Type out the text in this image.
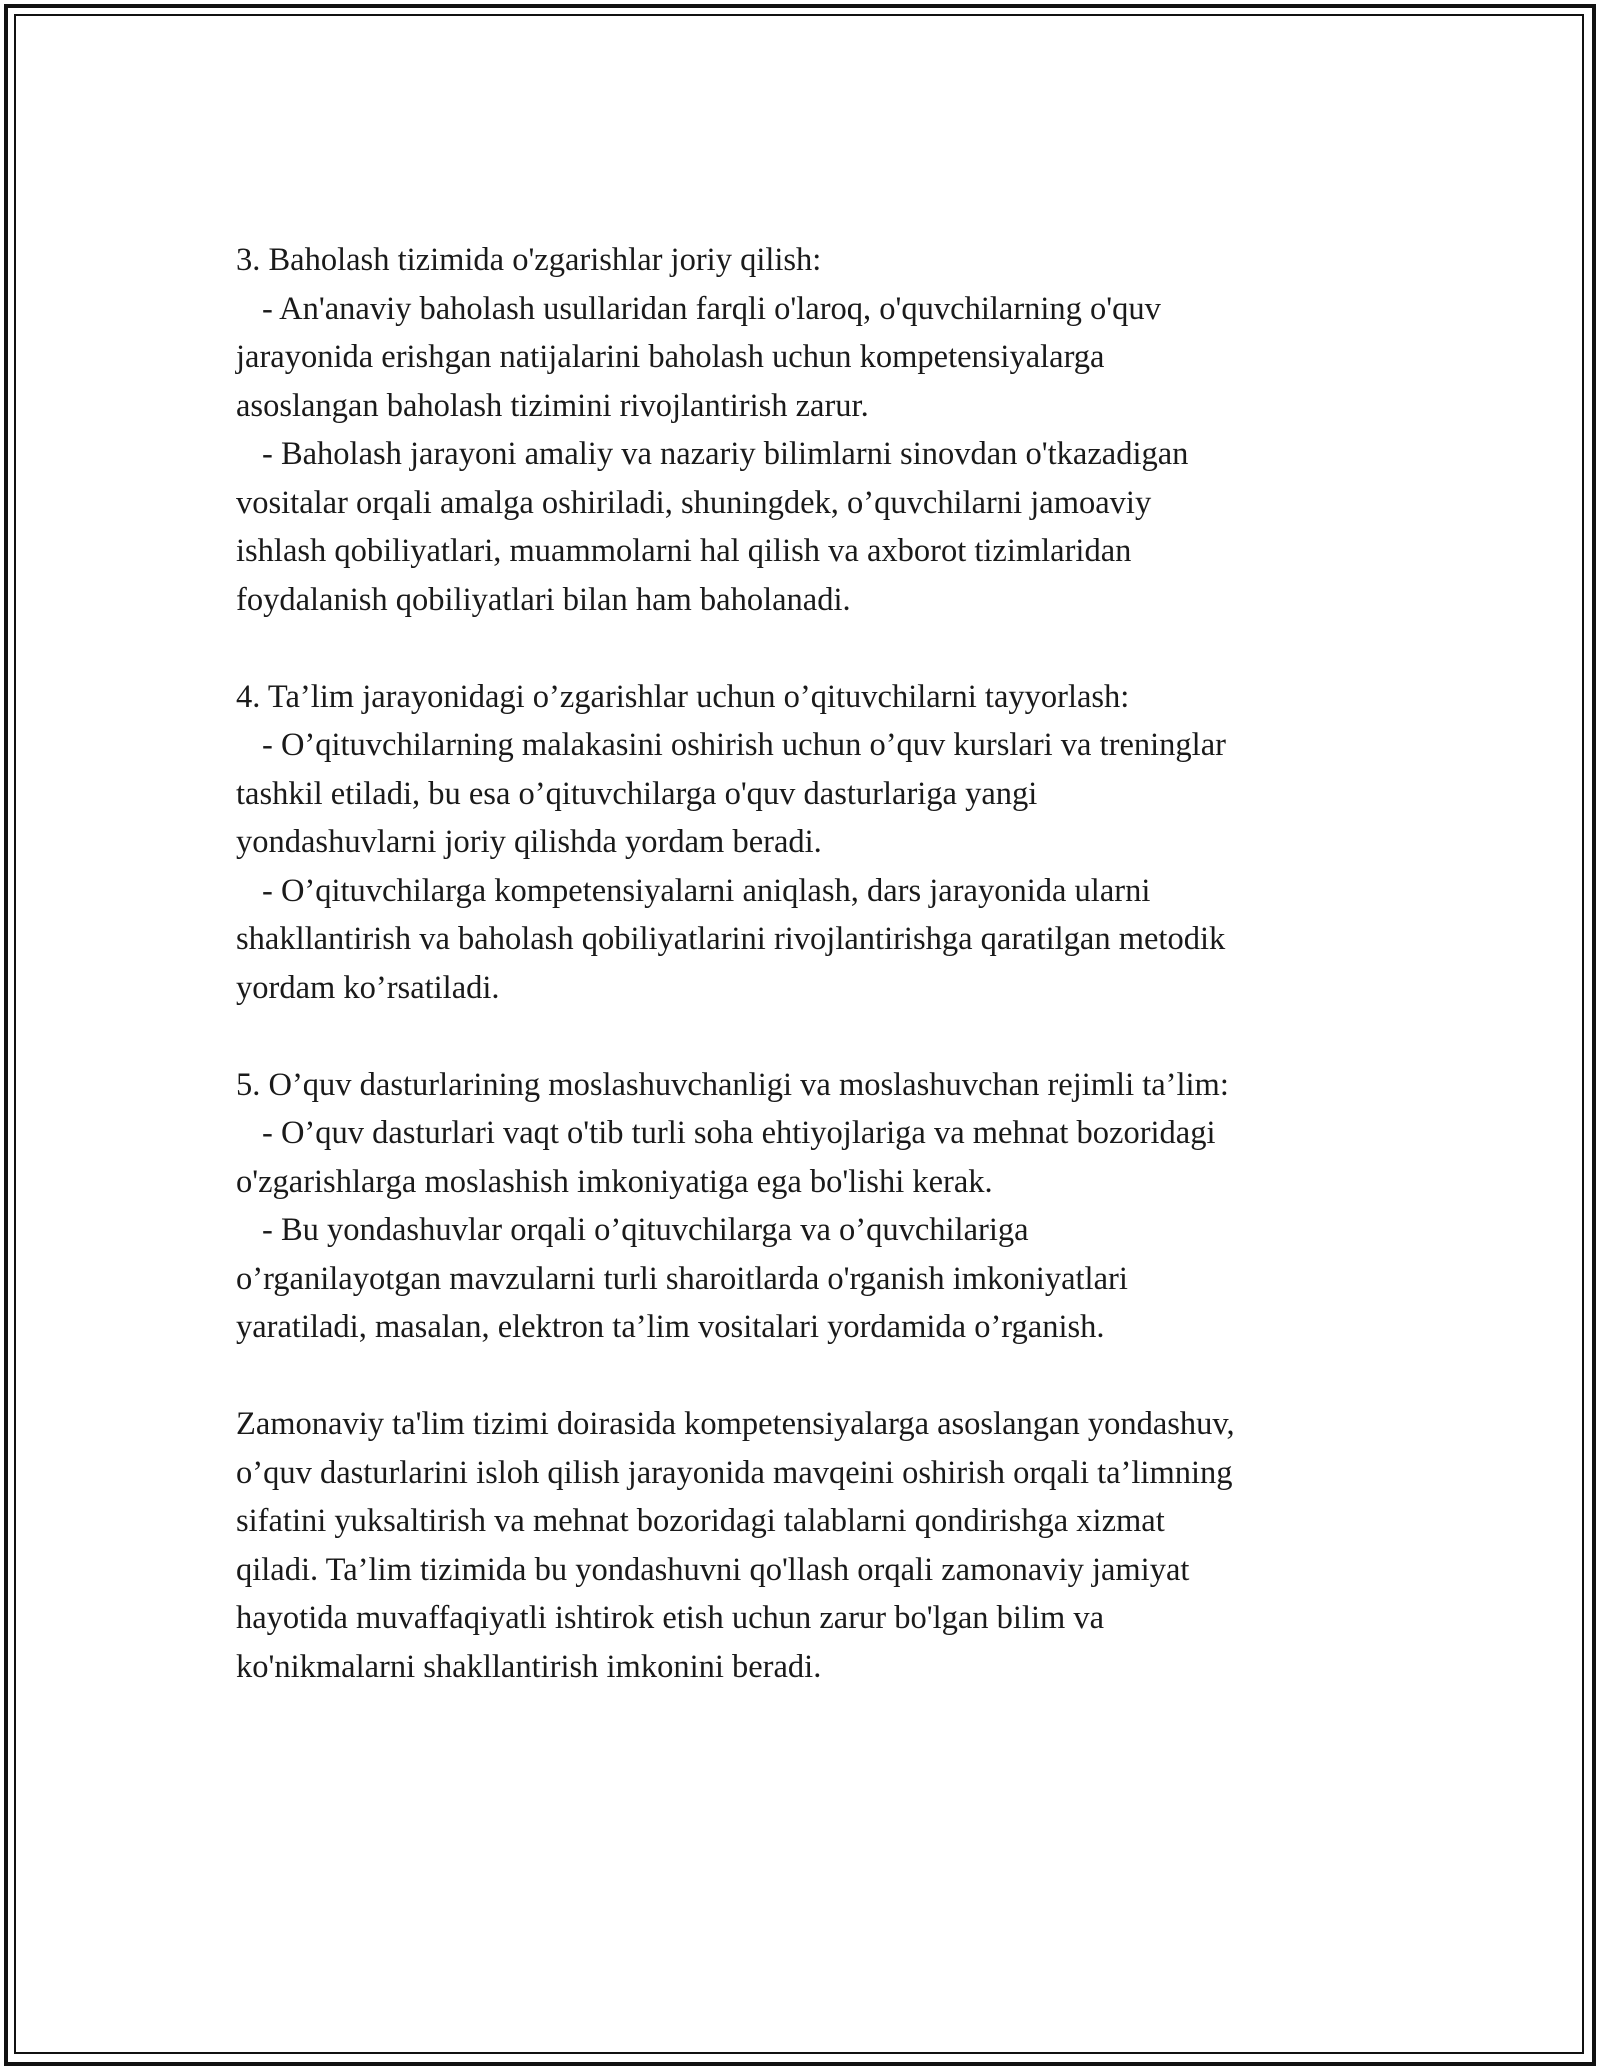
3. Baholash tizimida o'zgarishlar joriy qilish:
- An'anaviy baholash usullaridan farqli o'laroq, o'quvchilarning o'quv
jarayonida erishgan natijalarini baholash uchun kompetensiyalarga
asoslangan baholash tizimini rivojlantirish zarur.
- Baholash jarayoni amaliy va nazariy bilimlarni sinovdan o'tkazadigan
vositalar orqali amalga oshiriladi, shuningdek, o’quvchilarni jamoaviy
ishlash qobiliyatlari, muammolarni hal qilish va axborot tizimlaridan
foydalanish qobiliyatlari bilan ham baholanadi.
4. Ta’lim jarayonidagi o’zgarishlar uchun o’qituvchilarni tayyorlash:
- O’qituvchilarning malakasini oshirish uchun o’quv kurslari va treninglar
tashkil etiladi, bu esa o’qituvchilarga o'quv dasturlariga yangi
yondashuvlarni joriy qilishda yordam beradi.
- O’qituvchilarga kompetensiyalarni aniqlash, dars jarayonida ularni
shakllantirish va baholash qobiliyatlarini rivojlantirishga qaratilgan metodik
yordam ko’rsatiladi.
5. O’quv dasturlarining moslashuvchanligi va moslashuvchan rejimli ta’lim:
- O’quv dasturlari vaqt o'tib turli soha ehtiyojlariga va mehnat bozoridagi
o'zgarishlarga moslashish imkoniyatiga ega bo'lishi kerak.
- Bu yondashuvlar orqali o’qituvchilarga va o’quvchilariga
o’rganilayotgan mavzularni turli sharoitlarda o'rganish imkoniyatlari
yaratiladi, masalan, elektron ta’lim vositalari yordamida o’rganish.
Zamonaviy ta'lim tizimi doirasida kompetensiyalarga asoslangan yondashuv,
o’quv dasturlarini isloh qilish jarayonida mavqeini oshirish orqali ta’limning
sifatini yuksaltirish va mehnat bozoridagi talablarni qondirishga xizmat
qiladi. Ta’lim tizimida bu yondashuvni qo'llash orqali zamonaviy jamiyat
hayotida muvaffaqiyatli ishtirok etish uchun zarur bo'lgan bilim va
ko'nikmalarni shakllantirish imkonini beradi.
